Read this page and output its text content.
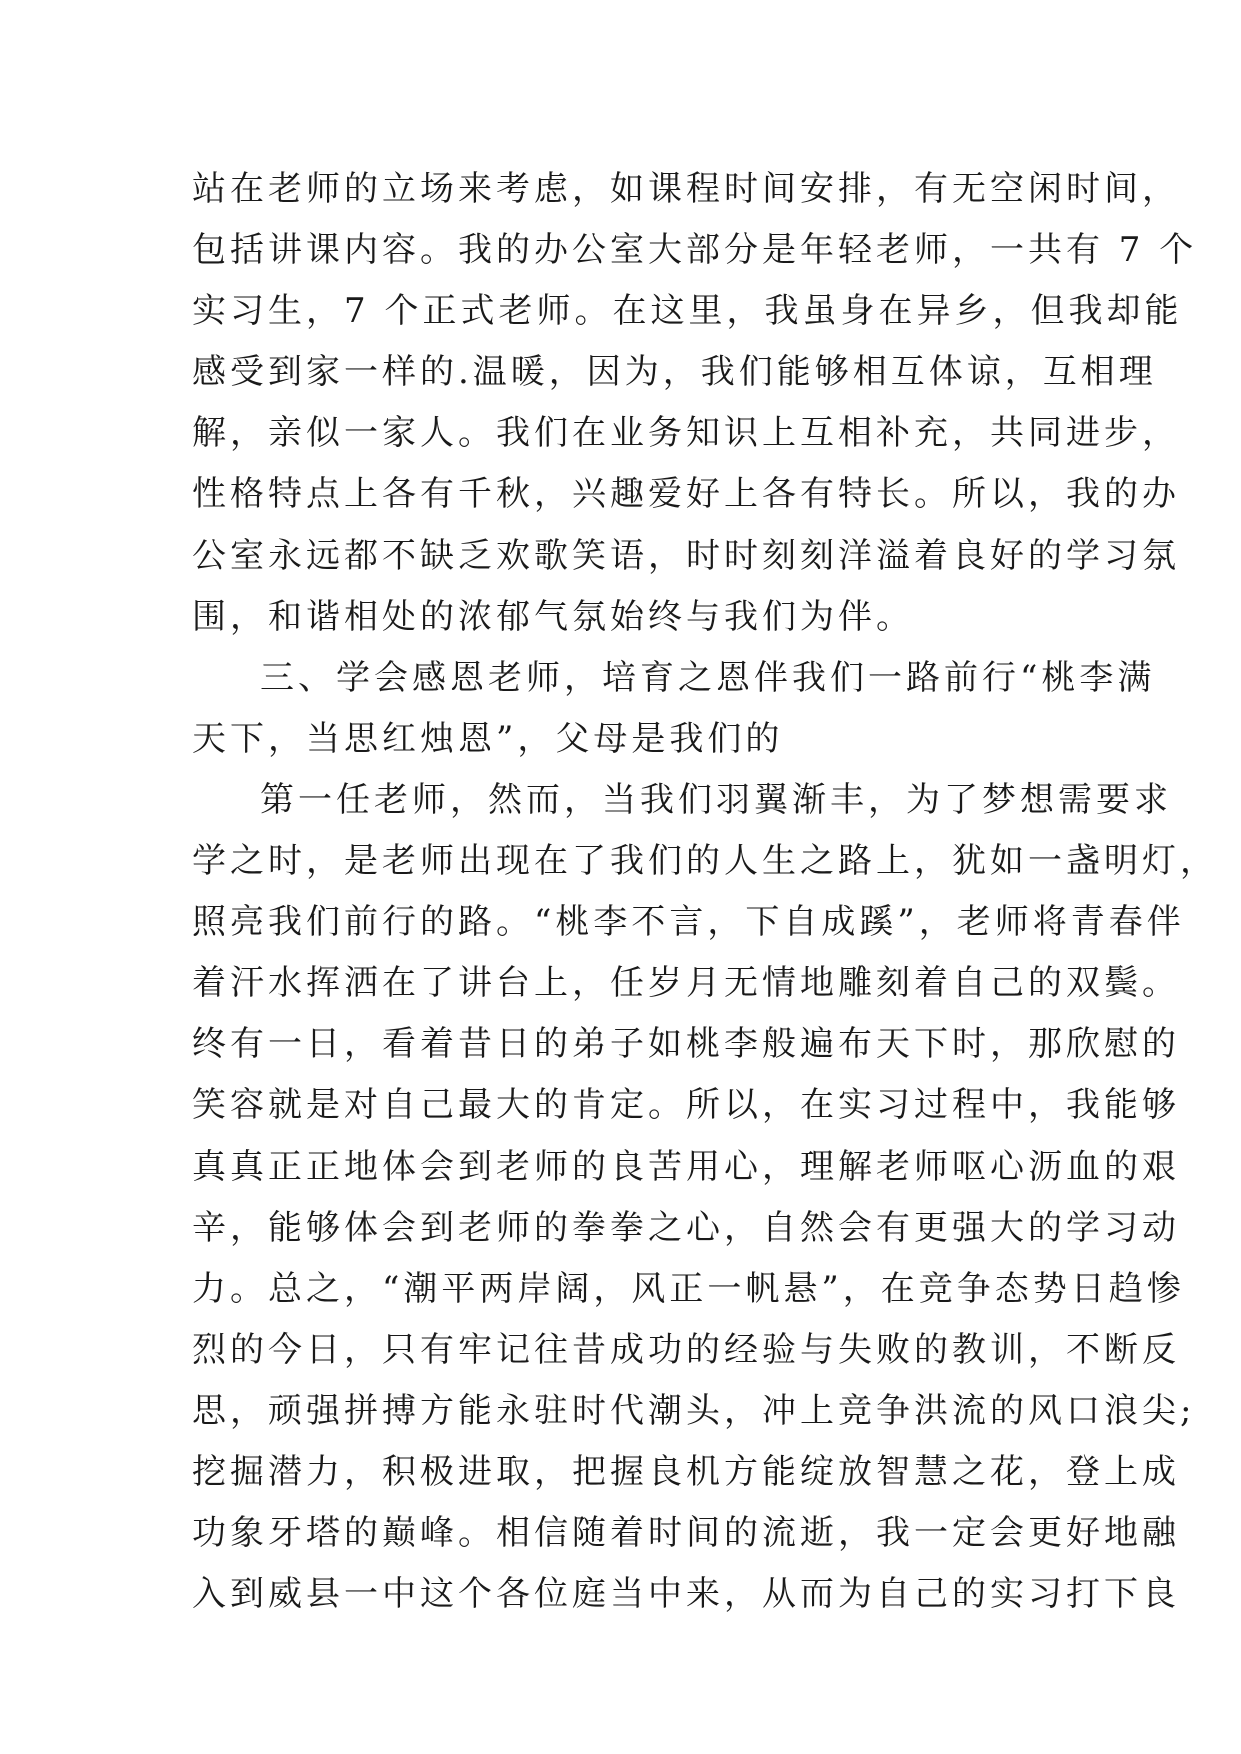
站在老师的立场来考虑，如课程时间安排，有无空闲时间，
包括讲课内容。我的办公室大部分是年轻老师，一共有 7 个
实习生，7 个正式老师。在这里，我虽身在异乡，但我却能
感受到家一样的.温暖，因为，我们能够相互体谅，互相理
解，亲似一家人。我们在业务知识上互相补充，共同进步，
性格特点上各有千秋，兴趣爱好上各有特长。所以，我的办
公室永远都不缺乏欢歌笑语，时时刻刻洋溢着良好的学习氛
围，和谐相处的浓郁气氛始终与我们为伴。
三、学会感恩老师，培育之恩伴我们一路前行“桃李满
天下，当思红烛恩”，父母是我们的
第一任老师，然而，当我们羽翼渐丰，为了梦想需要求
学之时，是老师出现在了我们的人生之路上，犹如一盏明灯，
照亮我们前行的路。“桃李不言，下自成蹊”，老师将青春伴
着汗水挥洒在了讲台上，任岁月无情地雕刻着自己的双鬓。
终有一日，看着昔日的弟子如桃李般遍布天下时，那欣慰的
笑容就是对自己最大的肯定。所以，在实习过程中，我能够
真真正正地体会到老师的良苦用心，理解老师呕心沥血的艰
辛，能够体会到老师的拳拳之心，自然会有更强大的学习动
力。总之，“潮平两岸阔，风正一帆悬”，在竞争态势日趋惨
烈的今日，只有牢记往昔成功的经验与失败的教训，不断反
思，顽强拼搏方能永驻时代潮头，冲上竞争洪流的风口浪尖;
挖掘潜力，积极进取，把握良机方能绽放智慧之花，登上成
功象牙塔的巅峰。相信随着时间的流逝，我一定会更好地融
入到威县一中这个各位庭当中来，从而为自己的实习打下良
